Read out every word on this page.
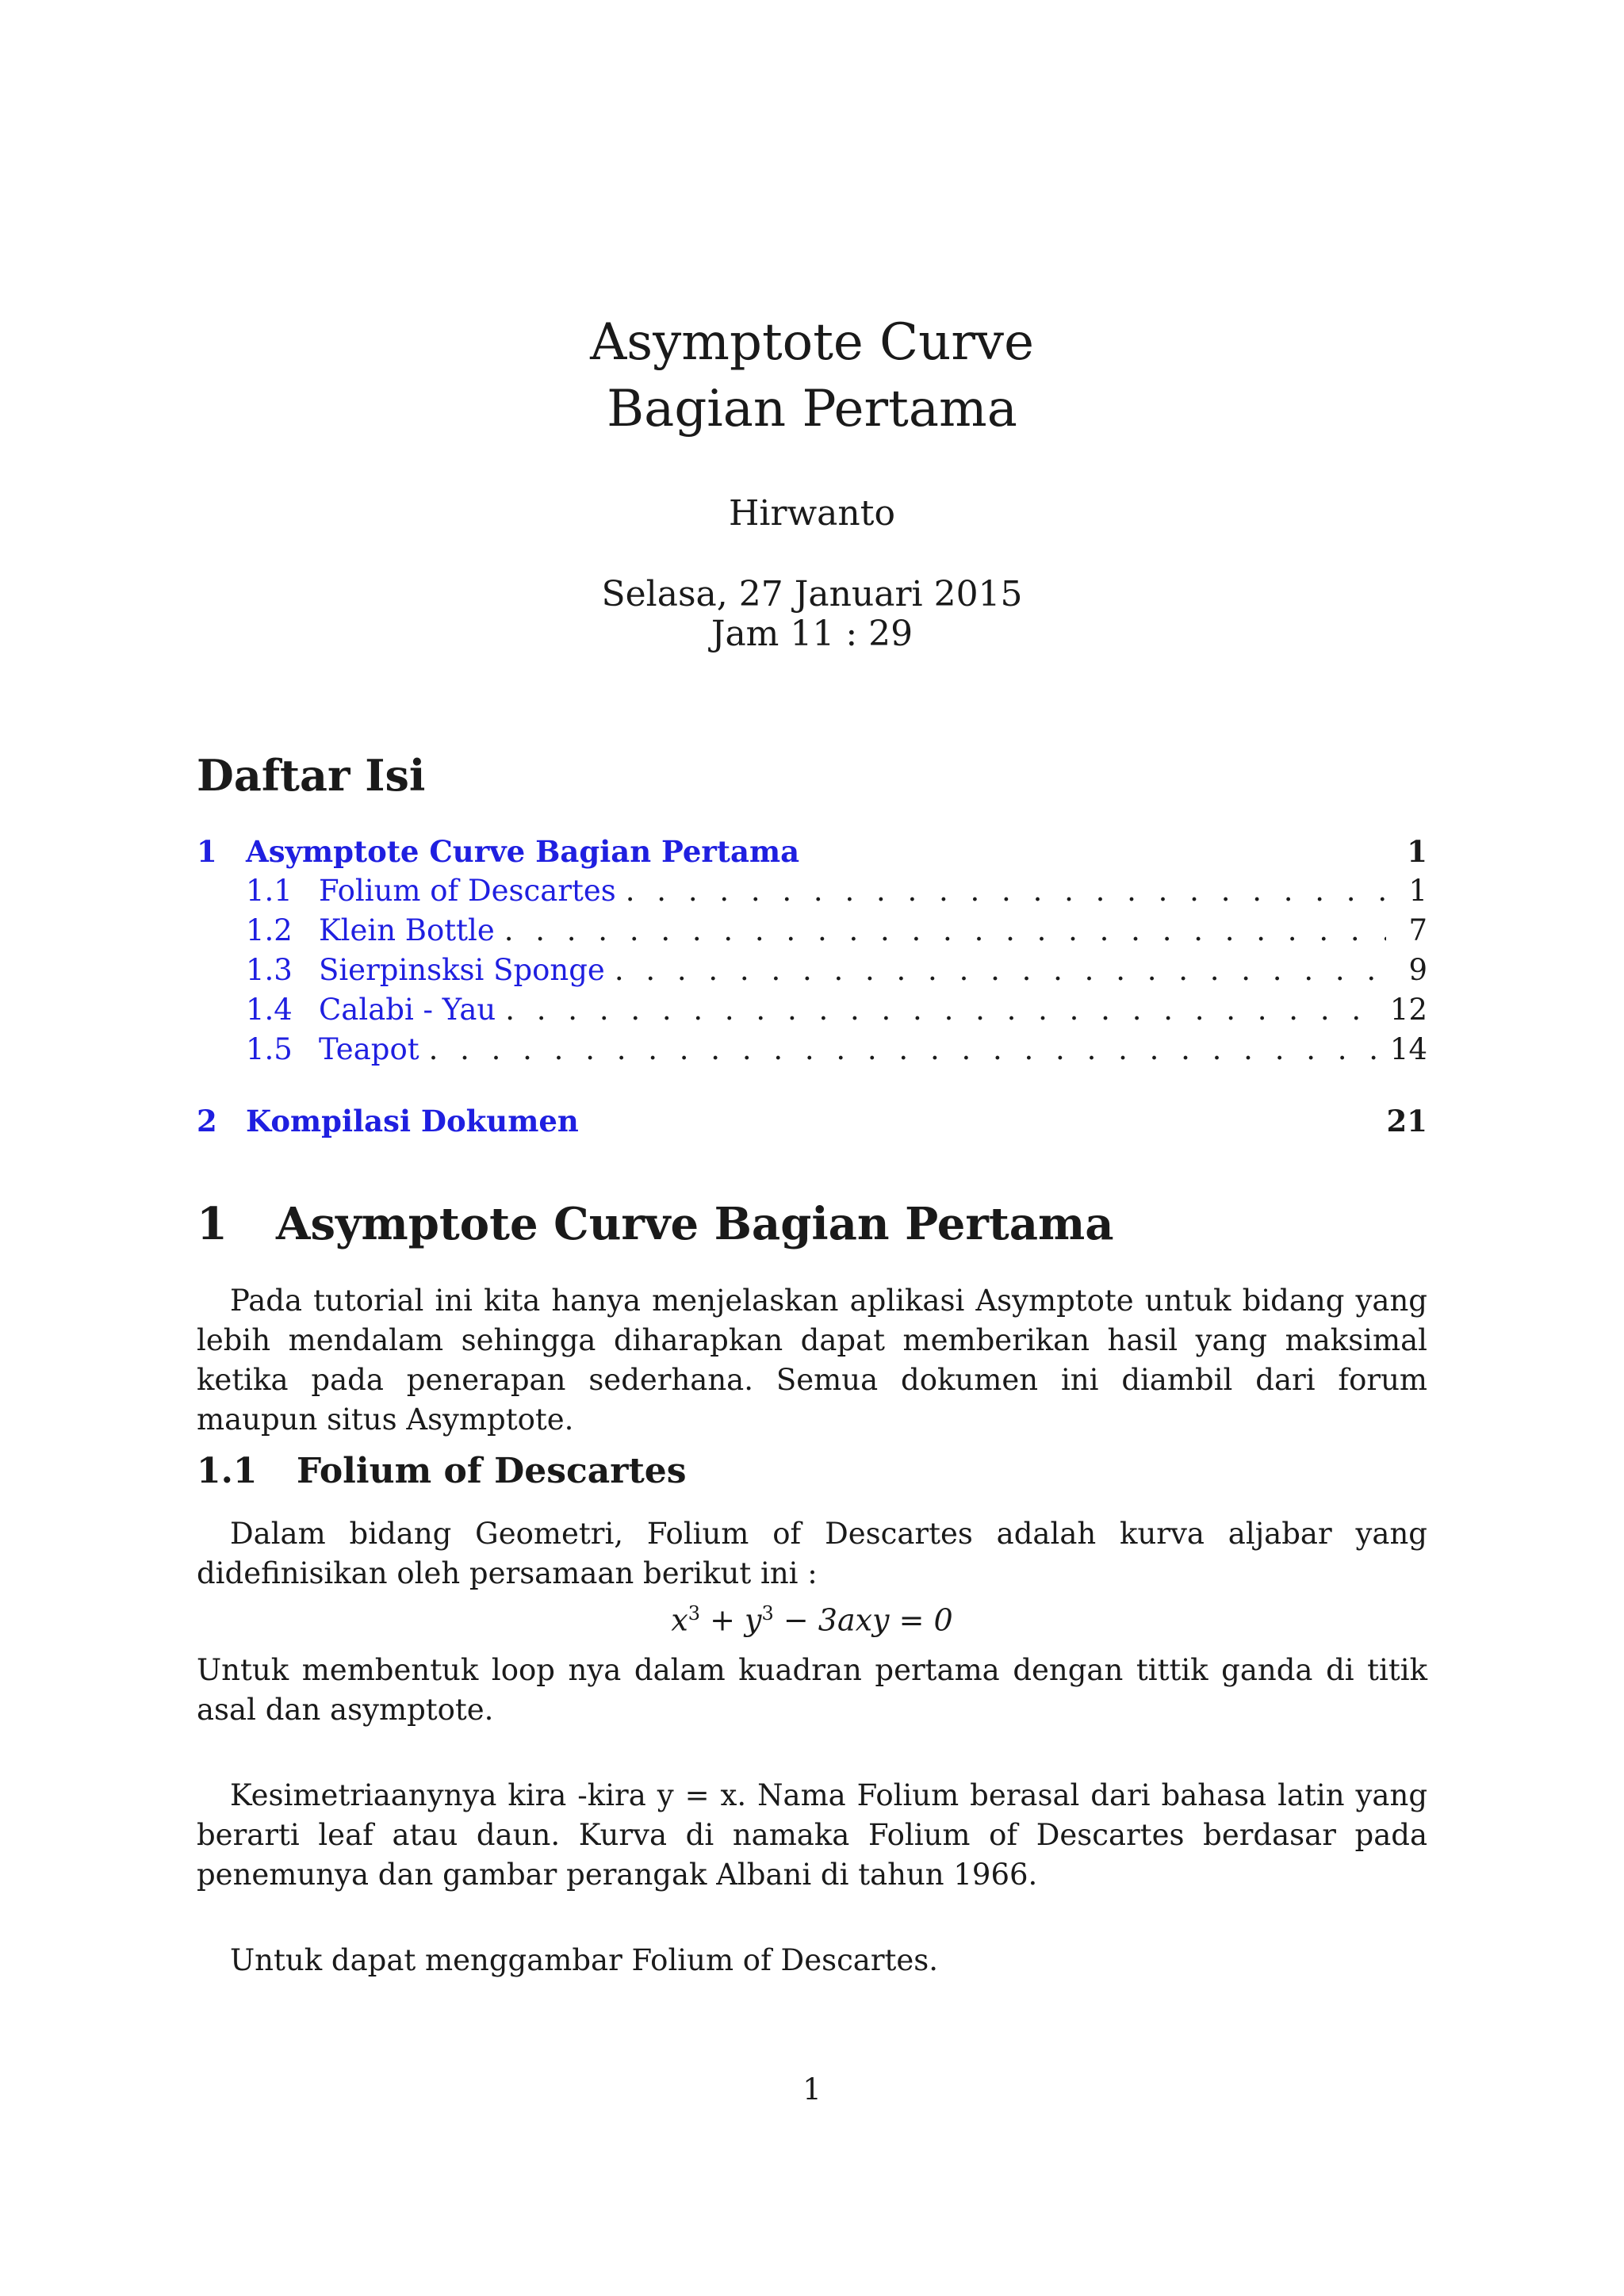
Asymptote Curve
Bagian Pertama
Hirwanto
Selasa, 27 Januari 2015
Jam 11 : 29
Daftar Isi
1 Asymptote Curve Bagian Pertama	1
1.1 Folium of Descartes . . .	1
1.2 Klein Bottle . . .	7
1.3 Sierpinsksi Sponge . . .	9
1.4 Calabi - Yau . . .	12
1.5 Teapot . . .	14
2 Kompilasi Dokumen	21
1 Asymptote Curve Bagian Pertama
Pada tutorial ini kita hanya menjelaskan aplikasi Asymptote untuk bidang yang lebih mendalam sehingga diharapkan dapat memberikan hasil yang maksimal ketika pada penerapan sederhana. Semua dokumen ini diambil dari forum maupun situs Asymptote.
1.1 Folium of Descartes
Dalam bidang Geometri, Folium of Descartes adalah kurva aljabar yang didefinisikan oleh persamaan berikut ini :
$x^3 + y^3 - 3axy = 0$
Untuk membentuk loop nya dalam kuadran pertama dengan tittik ganda di titik asal dan asymptote.
Kesimetriaanynya kira -kira y = x. Nama Folium berasal dari bahasa latin yang berarti leaf atau daun. Kurva di namaka Folium of Descartes berdasar pada penemunya dan gambar perangak Albani di tahun 1966.
Untuk dapat menggambar Folium of Descartes.
1
